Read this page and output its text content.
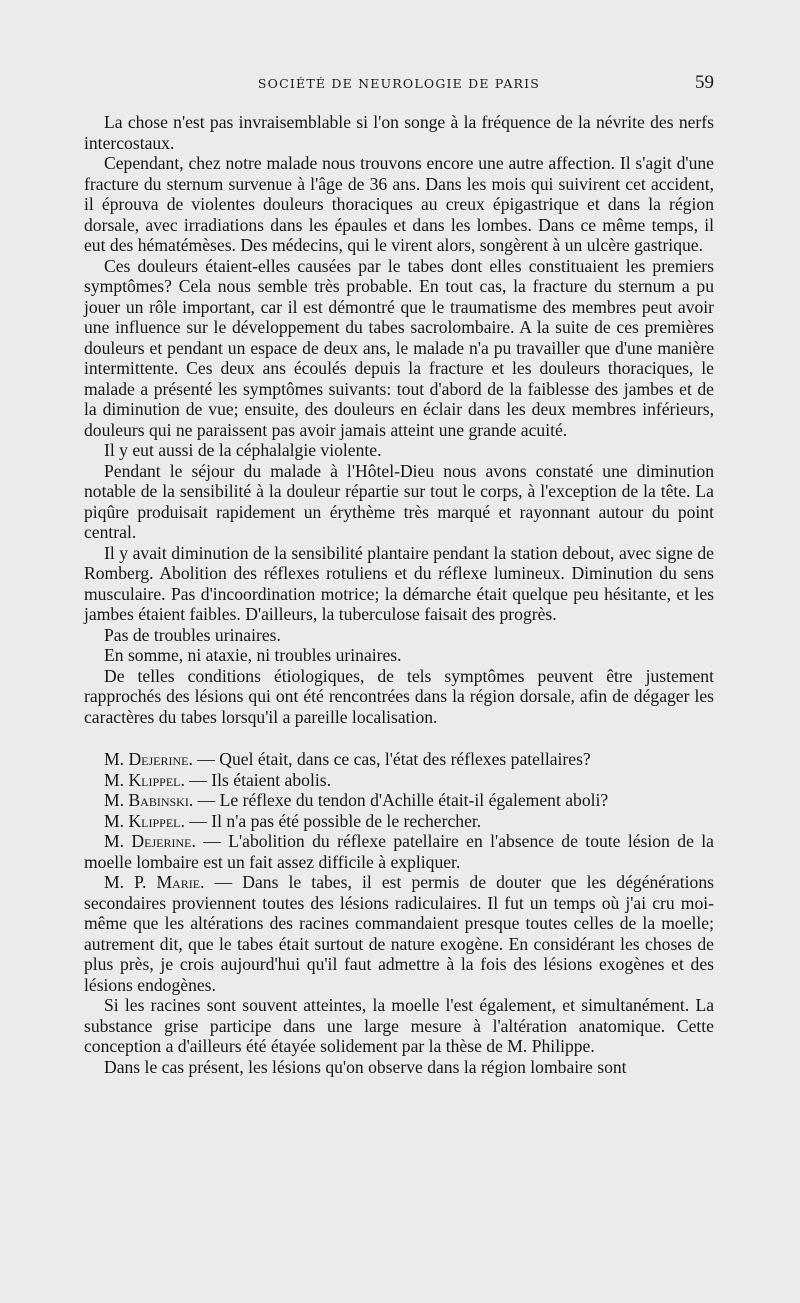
SOCIÉTÉ DE NEUROLOGIE DE PARIS	59

La chose n'est pas invraisemblable si l'on songe à la fréquence de la névrite des nerfs intercostaux.

Cependant, chez notre malade nous trouvons encore une autre affection. Il s'agit d'une fracture du sternum survenue à l'âge de 36 ans. Dans les mois qui suivirent cet accident, il éprouva de violentes douleurs thoraciques au creux épigastrique et dans la région dorsale, avec irradiations dans les épaules et dans les lombes. Dans ce même temps, il eut des hématémèses. Des médecins, qui le virent alors, songèrent à un ulcère gastrique.

Ces douleurs étaient-elles causées par le tabes dont elles constituaient les premiers symptômes? Cela nous semble très probable. En tout cas, la fracture du sternum a pu jouer un rôle important, car il est démontré que le traumatisme des membres peut avoir une influence sur le développement du tabes sacrolombaire. A la suite de ces premières douleurs et pendant un espace de deux ans, le malade n'a pu travailler que d'une manière intermittente. Ces deux ans écoulés depuis la fracture et les douleurs thoraciques, le malade a présenté les symptômes suivants: tout d'abord de la faiblesse des jambes et de la diminution de vue; ensuite, des douleurs en éclair dans les deux membres inférieurs, douleurs qui ne paraissent pas avoir jamais atteint une grande acuité.

Il y eut aussi de la céphalalgie violente.

Pendant le séjour du malade à l'Hôtel-Dieu nous avons constaté une diminution notable de la sensibilité à la douleur répartie sur tout le corps, à l'exception de la tête. La piqûre produisait rapidement un érythème très marqué et rayonnant autour du point central.

Il y avait diminution de la sensibilité plantaire pendant la station debout, avec signe de Romberg. Abolition des réflexes rotuliens et du réflexe lumineux. Diminution du sens musculaire. Pas d'incoordination motrice; la démarche était quelque peu hésitante, et les jambes étaient faibles. D'ailleurs, la tuberculose faisait des progrès.

Pas de troubles urinaires.

En somme, ni ataxie, ni troubles urinaires.

De telles conditions étiologiques, de tels symptômes peuvent être justement rapprochés des lésions qui ont été rencontrées dans la région dorsale, afin de dégager les caractères du tabes lorsqu'il a pareille localisation.

M. Dejerine. — Quel était, dans ce cas, l'état des réflexes patellaires?

M. Klippel. — Ils étaient abolis.

M. Babinski. — Le réflexe du tendon d'Achille était-il également aboli?

M. Klippel. — Il n'a pas été possible de le rechercher.

M. Dejerine. — L'abolition du réflexe patellaire en l'absence de toute lésion de la moelle lombaire est un fait assez difficile à expliquer.

M. P. Marie. — Dans le tabes, il est permis de douter que les dégénérations secondaires proviennent toutes des lésions radiculaires. Il fut un temps où j'ai cru moi-même que les altérations des racines commandaient presque toutes celles de la moelle; autrement dit, que le tabes était surtout de nature exogène. En considérant les choses de plus près, je crois aujourd'hui qu'il faut admettre à la fois des lésions exogènes et des lésions endogènes.

Si les racines sont souvent atteintes, la moelle l'est également, et simultanément. La substance grise participe dans une large mesure à l'altération anatomique. Cette conception a d'ailleurs été étayée solidement par la thèse de M. Philippe.

Dans le cas présent, les lésions qu'on observe dans la région lombaire sont
